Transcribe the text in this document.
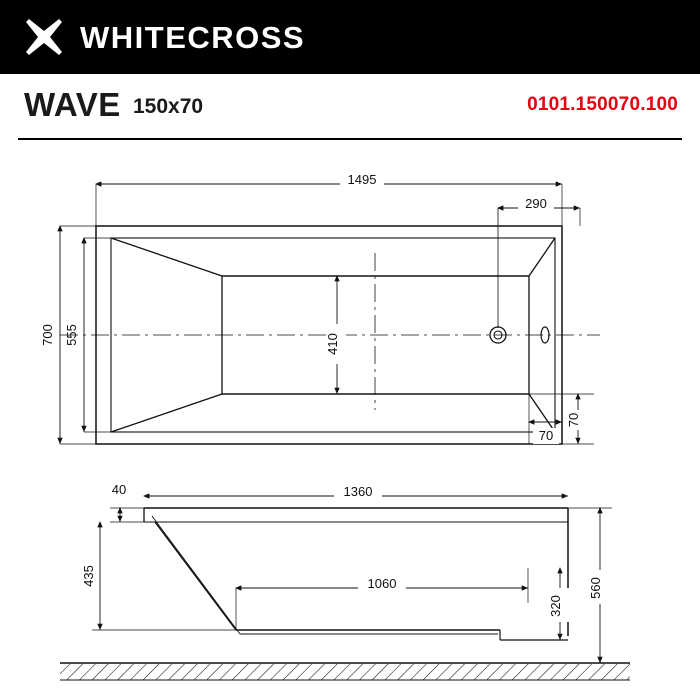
WHITECROSS
WAVE 150x70	0101.150070.100
1495
290
700 555	410
70
70
40	1360
435	1060
320
560
